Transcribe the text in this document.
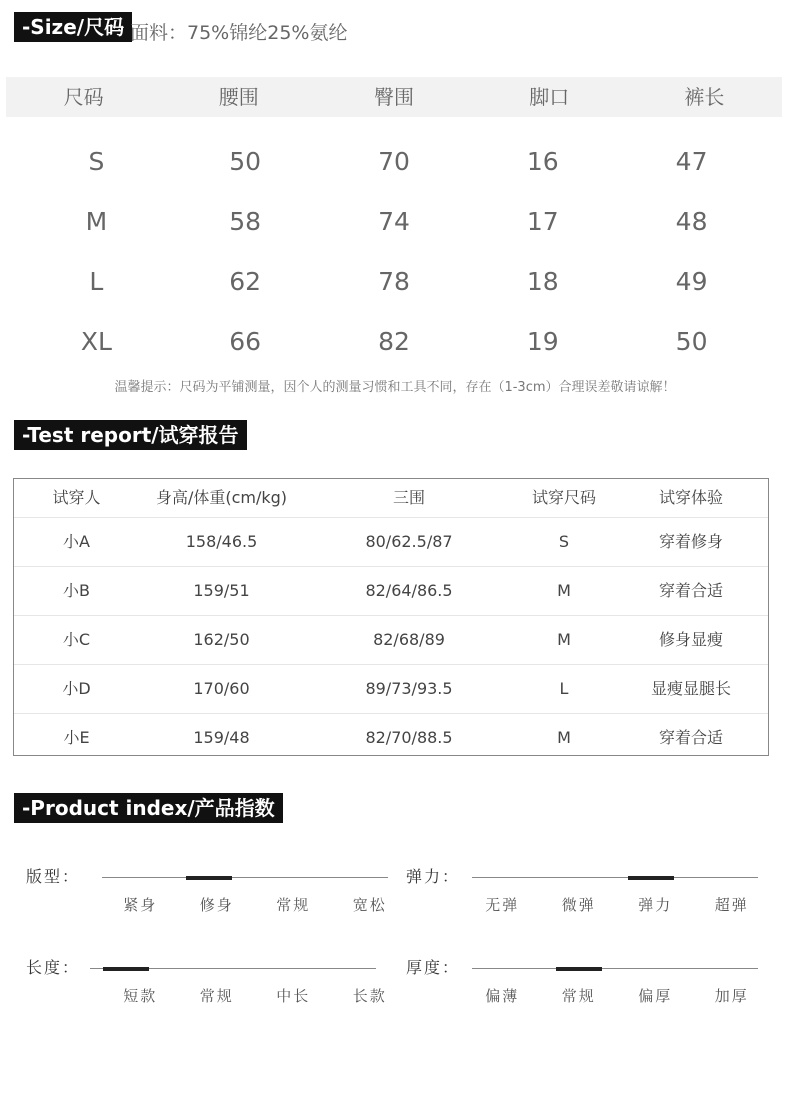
-Size/尺码 面料：75%锦纶25%氨纶
尺码	腰围	臀围	脚口	裤长
S	50	70	16	47
M	58	74	17	48
L	62	78	18	49
XL	66	82	19	50
温馨提示：尺码为平铺测量，因个人的测量习惯和工具不同，存在（1-3cm）合理误差敬请谅解！
-Test report/试穿报告
试穿人	身高/体重(cm/kg)	三围	试穿尺码	试穿体验
小A	158/46.5	80/62.5/87	S	穿着修身
小B	159/51	82/64/86.5	M	穿着合适
小C	162/50	82/68/89	M	修身显瘦
小D	170/60	89/73/93.5	L	显瘦显腿长
小E	159/48	82/70/88.5	M	穿着合适
-Product index/产品指数
版型：
紧身	修身	常规	宽松
弹力：
无弹	微弹	弹力	超弹
长度：
短款	常规	中长	长款
厚度：
偏薄	常规	偏厚	加厚
